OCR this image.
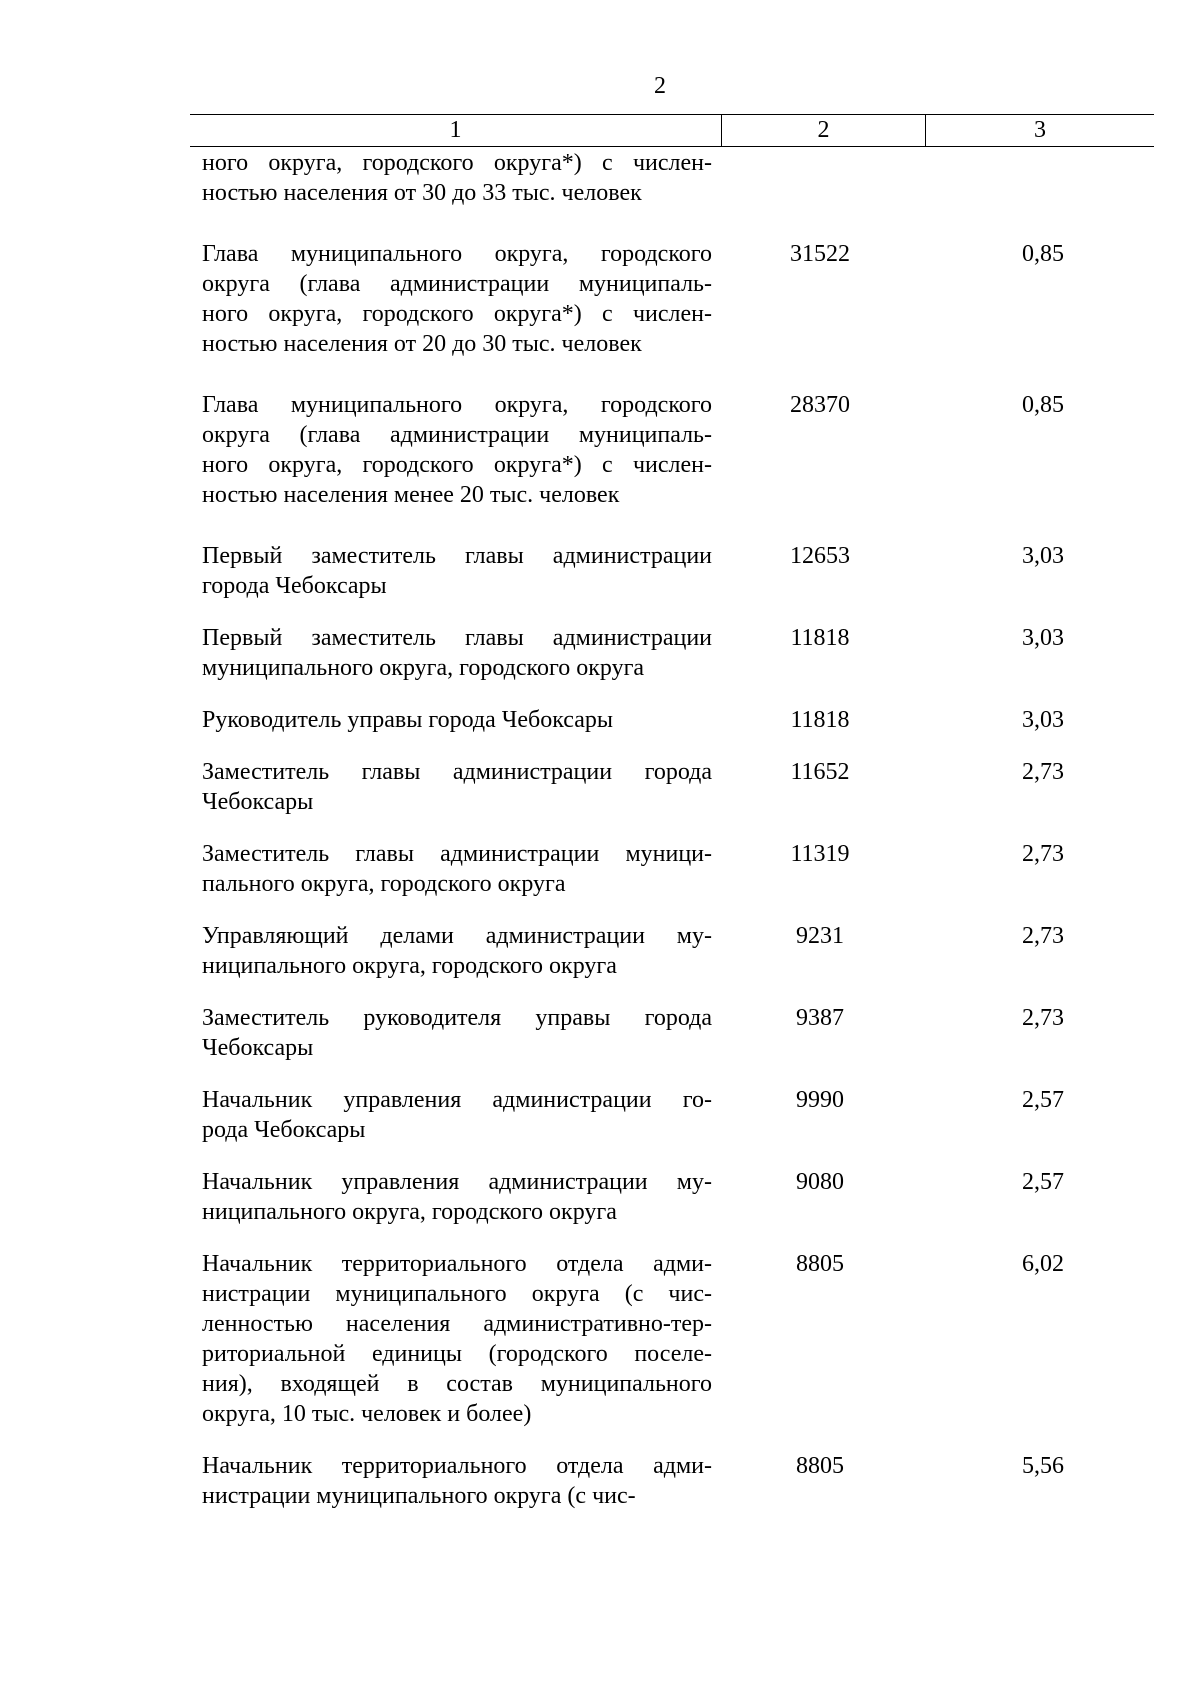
2
1	2	3
ного округа, городского округа*) с числен-
ностью населения от 30 до 33 тыс. человек
Глава муниципального округа, городского
округа (глава администрации муниципаль-
ного округа, городского округа*) с числен-
ностью населения от 20 до 30 тыс. человек
31522	0,85
Глава муниципального округа, городского
округа (глава администрации муниципаль-
ного округа, городского округа*) с числен-
ностью населения менее 20 тыс. человек
28370	0,85
Первый заместитель главы администрации
города Чебоксары
12653	3,03
Первый заместитель главы администрации
муниципального округа, городского округа
11818	3,03
Руководитель управы города Чебоксары	11818	3,03
Заместитель главы администрации города
Чебоксары
11652	2,73
Заместитель главы администрации муници-
пального округа, городского округа
11319	2,73
Управляющий делами администрации му-
ниципального округа, городского округа
9231	2,73
Заместитель руководителя управы города
Чебоксары
9387	2,73
Начальник управления администрации го-
рода Чебоксары
9990	2,57
Начальник управления администрации му-
ниципального округа, городского округа
9080	2,57
Начальник территориального отдела адми-
нистрации муниципального округа (с чис-
ленностью населения административно-тер-
риториальной единицы (городского поселе-
ния), входящей в состав муниципального
округа, 10 тыс. человек и более)
8805	6,02
Начальник территориального отдела адми-
нистрации муниципального округа (с чис-
8805	5,56
